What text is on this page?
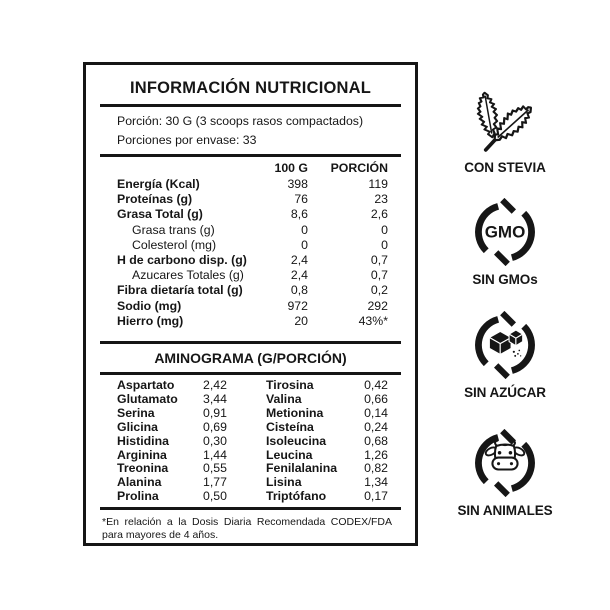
INFORMACIÓN NUTRICIONAL
Porción: 30 G (3 scoops rasos compactados)
Porciones por envase: 33
100 G	PORCIÓN
Energía (Kcal)	398	119
Proteínas (g)	76	23
Grasa Total (g)	8,6	2,6
Grasa trans (g)	0	0
Colesterol (mg)	0	0
H de carbono disp. (g)	2,4	0,7
Azucares Totales (g)	2,4	0,7
Fibra dietaría total (g)	0,8	0,2
Sodio (mg)	972	292
Hierro (mg)	20	43%*
AMINOGRAMA (G/PORCIÓN)
Aspartato	2,42	Tirosina	0,42
Glutamato	3,44	Valina	0,66
Serina	0,91	Metionina	0,14
Glicina	0,69	Cisteína	0,24
Histidina	0,30	Isoleucina	0,68
Arginina	1,44	Leucina	1,26
Treonina	0,55	Fenilalanina	0,82
Alanina	1,77	Lisina	1,34
Prolina	0,50	Triptófano	0,17
*En relación a la Dosis Diaria Recomendada CODEX/FDA para mayores de 4 años.
CON STEVIA
GMO
SIN GMOs
SIN AZÚCAR
SIN ANIMALES
